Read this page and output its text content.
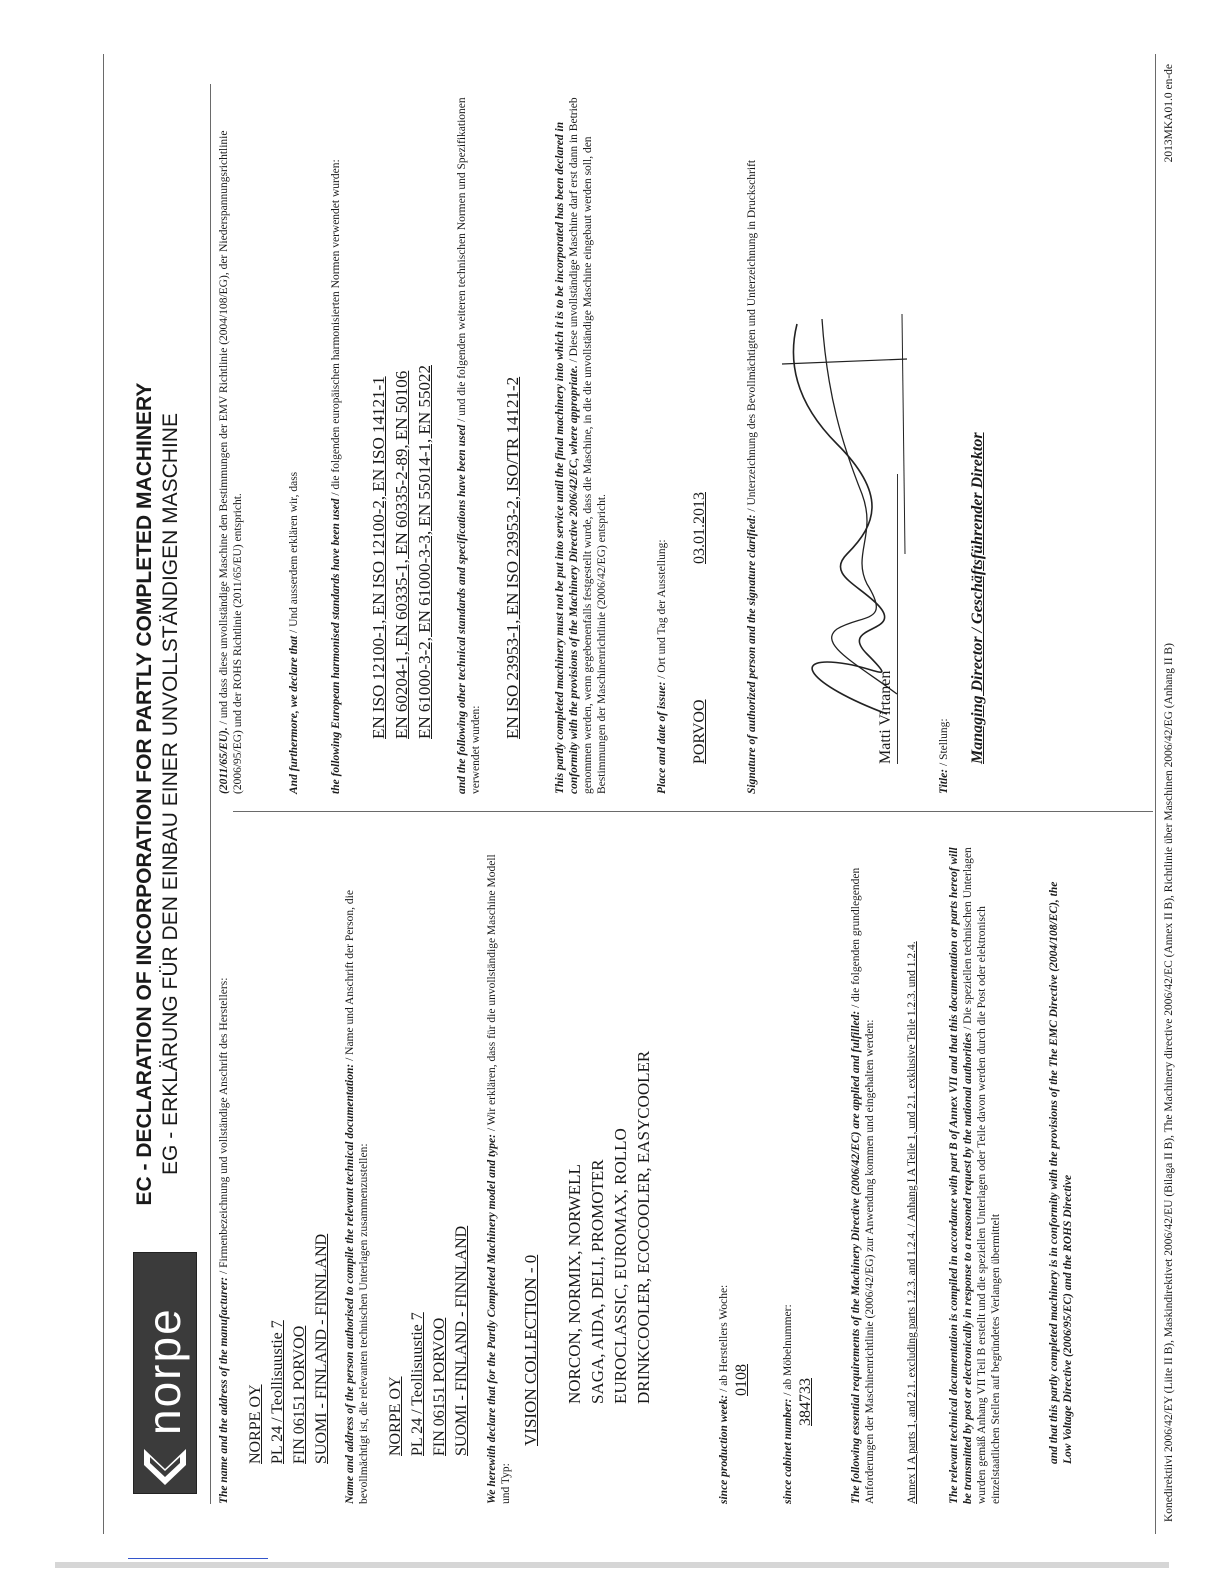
norpe
EC - DECLARATION OF INCORPORATION FOR PARTLY COMPLETED MACHINERY EG - ERKLÄRUNG FÜR DEN EINBAU EINER UNVOLLSTÄNDIGEN MASCHINE
The name and the address of the manufacturer: / Firmenbezeichnung und vollständige Anschrift des Herstellers:
NORPE OY PL 24 / Teollisuustie 7 FIN 06151 PORVOO SUOMI - FINLAND - FINNLAND Name and address of the person authorised to compile the relevant technical documentation: / Name und Anschrift der Person, die bevollmächtigt ist, die relevanten technischen Unterlagen zusammenzustellen: NORPE OY PL 24 / Teollisuustie 7 FIN 06151 PORVOO SUOMI - FINLAND - FINNLAND We herewith declare that for the Partly Completed Machinery model and type: / Wir erklären, dass für die unvollständige Maschine Modell und Typ:
VISION COLLECTION - 0 NORCON, NORMIX, NORWELL SAGA, AIDA, DELI, PROMOTER EUROCLASSIC, EUROMAX, ROLLO DRINKCOOLER, ECOCOOLER, EASYCOOLER
since production week: / ab Herstellers Woche: 0108
since cabinet number: / ab Möbelnummer:
384733	The following essential requirements of the Machinery Directive (2006/42/EC) are applied and fulfilled: / die folgenden grundlegenden Anforderungen der Maschinenrichtlinie (2006/42/EG) zur Anwendung kommen und eingehalten werden:	Annex I A parts 1, and 2.1. excluding parts 1.2.3. and 1.2.4. / Anhang I A Teile 1, und 2.1. exklusive Teile 1.2.3. und 1.2.4.	The relevant technical documentation is compiled in accordance with part B of Annex VII and that this documentation or parts hereof will be transmitted by post or electronically in response to a reasoned request by the national authorities / Die speziellen technischen Unterlagen wurden gemäß Anhang VII Teil B erstellt und die speziellen Unterlagen oder Teile davon werden durch die Post oder elektronisch einzelstaatlichen Stellen auf begründetes Verlangen übermittelt	and that this partly completed machinery is in conformity with the provisions of the The EMC Directive (2004/108/EC), the Low Voltage Directive (2006/95/EC) and the ROHS Directive
(2011/65/EU). / und dass diese unvollständige Maschine den Bestimmungen der EMV Richtlinie (2004/108/EG), der Niederspannungsrichtlinie (2006/95/EG) und der ROHS Richtlinie (2011/65/EU) entspricht.	And furthermore, we declare that / Und ausserdem erklären wir, dass	the following European harmonised standards have been used / die folgenden europäischen harmonisierten Normen verwendet wurden:
EN ISO 12100-1, EN ISO 12100-2, EN ISO 14121-1 EN 60204-1, EN 60335-1, EN 60335-2-89, EN 50106 EN 61000-3-2, EN 61000-3-3, EN 55014-1, EN 55022 and the following other technical standards and specifications have been used / und die folgenden weiteren technischen Normen und Spezifikationen verwendet wurden:
EN ISO 23953-1, EN ISO 23953-2, ISO/TR 14121-2	This partly completed machinery must not be put into service until the final machinery into which it is to be incorporated has been declared in conformity with the provisions of the Machinery Directive 2006/42/EC, where appropriate. / Diese unvollständige Maschine darf erst dann in Betrieb genommen werden, wenn gegebenenfalls festgestellt wurde, dass die Maschine, in die die unvollständige Maschine eingebaut werden soll, den Bestimmungen der Maschinenrichtlinie (2006/42/EG) entspricht.	Place and date of issue: / Ort und Tag der Ausstellung:
PORVOO
03.01.2013	Signature of authorized person and the signature clarified: / Unterzeichnung des Bevollmächtigten und Unterzeichnung in Druckschrift
Matti Virtanen
Title: / Stellung: Managing Director / Geschäftsführender Direktor
Konedirektiivi 2006/42/EY (Liite II B), Maskindirektivet 2006/42/EU (Bilaga II B), The Machinery directive 2006/42/EC (Annex II B), Richtlinie über Maschinen 2006/42/EG (Anhang II B)
2013MKA01.0 en-de
